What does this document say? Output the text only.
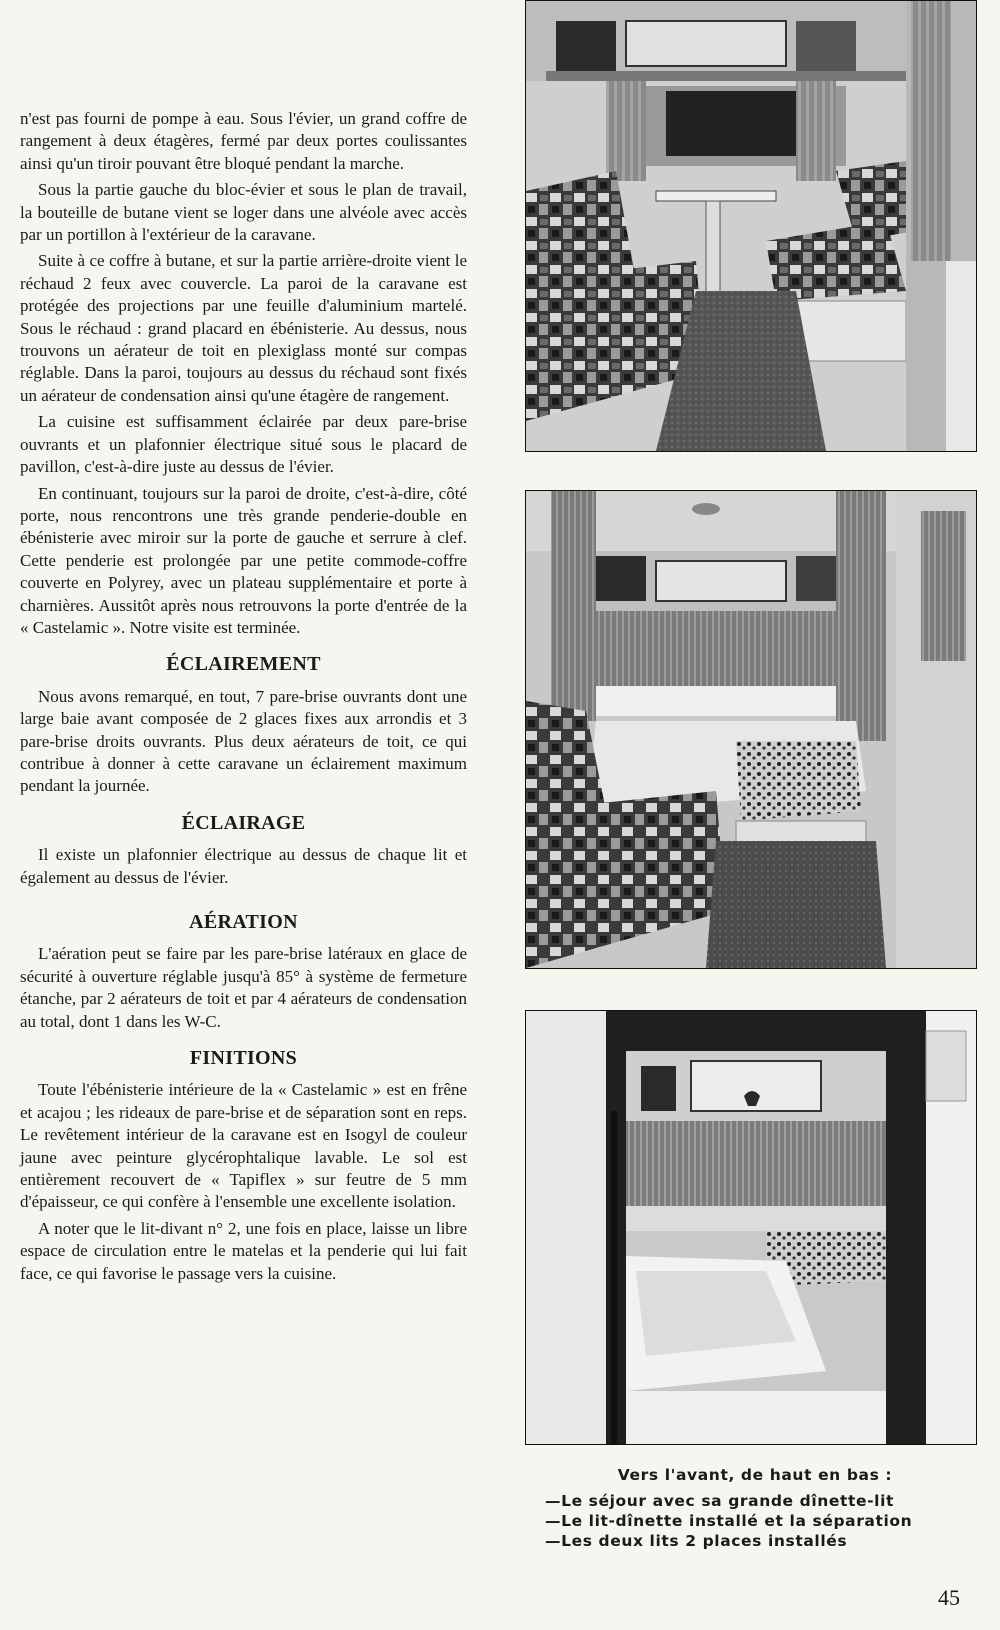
n'est pas fourni de pompe à eau. Sous l'évier, un grand coffre de rangement à deux étagères, fermé par deux portes coulissantes ainsi qu'un tiroir pouvant être bloqué pendant la marche.

Sous la partie gauche du bloc-évier et sous le plan de travail, la bouteille de butane vient se loger dans une alvéole avec accès par un portillon à l'extérieur de la caravane.

Suite à ce coffre à butane, et sur la partie arrière-droite vient le réchaud 2 feux avec couvercle. La paroi de la caravane est protégée des projections par une feuille d'aluminium martelé. Sous le réchaud : grand placard en ébénisterie. Au dessus, nous trouvons un aérateur de toit en plexiglass monté sur compas réglable. Dans la paroi, toujours au dessus du réchaud sont fixés un aérateur de condensation ainsi qu'une étagère de rangement.

La cuisine est suffisamment éclairée par deux pare-brise ouvrants et un plafonnier électrique situé sous le placard de pavillon, c'est-à-dire juste au dessus de l'évier.

En continuant, toujours sur la paroi de droite, c'est-à-dire, côté porte, nous rencontrons une très grande penderie-double en ébénisterie avec miroir sur la porte de gauche et serrure à clef. Cette penderie est prolongée par une petite commode-coffre couverte en Polyrey, avec un plateau supplémentaire et porte à charnières. Aussitôt après nous retrouvons la porte d'entrée de la « Castelamic ». Notre visite est terminée.

ÉCLAIREMENT

Nous avons remarqué, en tout, 7 pare-brise ouvrants dont une large baie avant composée de 2 glaces fixes aux arrondis et 3 pare-brise droits ouvrants. Plus deux aérateurs de toit, ce qui contribue à donner à cette caravane un éclairement maximum pendant la journée.

ÉCLAIRAGE

Il existe un plafonnier électrique au dessus de chaque lit et également au dessus de l'évier.

AÉRATION

L'aération peut se faire par les pare-brise latéraux en glace de sécurité à ouverture réglable jusqu'à 85° à système de fermeture étanche, par 2 aérateurs de toit et par 4 aérateurs de condensation au total, dont 1 dans les W-C.

FINITIONS

Toute l'ébénisterie intérieure de la « Castelamic » est en frêne et acajou ; les rideaux de pare-brise et de séparation sont en reps. Le revêtement intérieur de la caravane est en Isogyl de couleur jaune avec peinture glycérophtalique lavable. Le sol est entièrement recouvert de « Tapiflex » sur feutre de 5 mm d'épaisseur, ce qui confère à l'ensemble une excellente isolation.

A noter que le lit-divant n° 2, une fois en place, laisse un libre espace de circulation entre le matelas et la penderie qui lui fait face, ce qui favorise le passage vers la cuisine.

Vers l'avant, de haut en bas :

—Le séjour avec sa grande dînette-lit

—Le lit-dînette installé et la séparation

—Les deux lits 2 places installés

45
